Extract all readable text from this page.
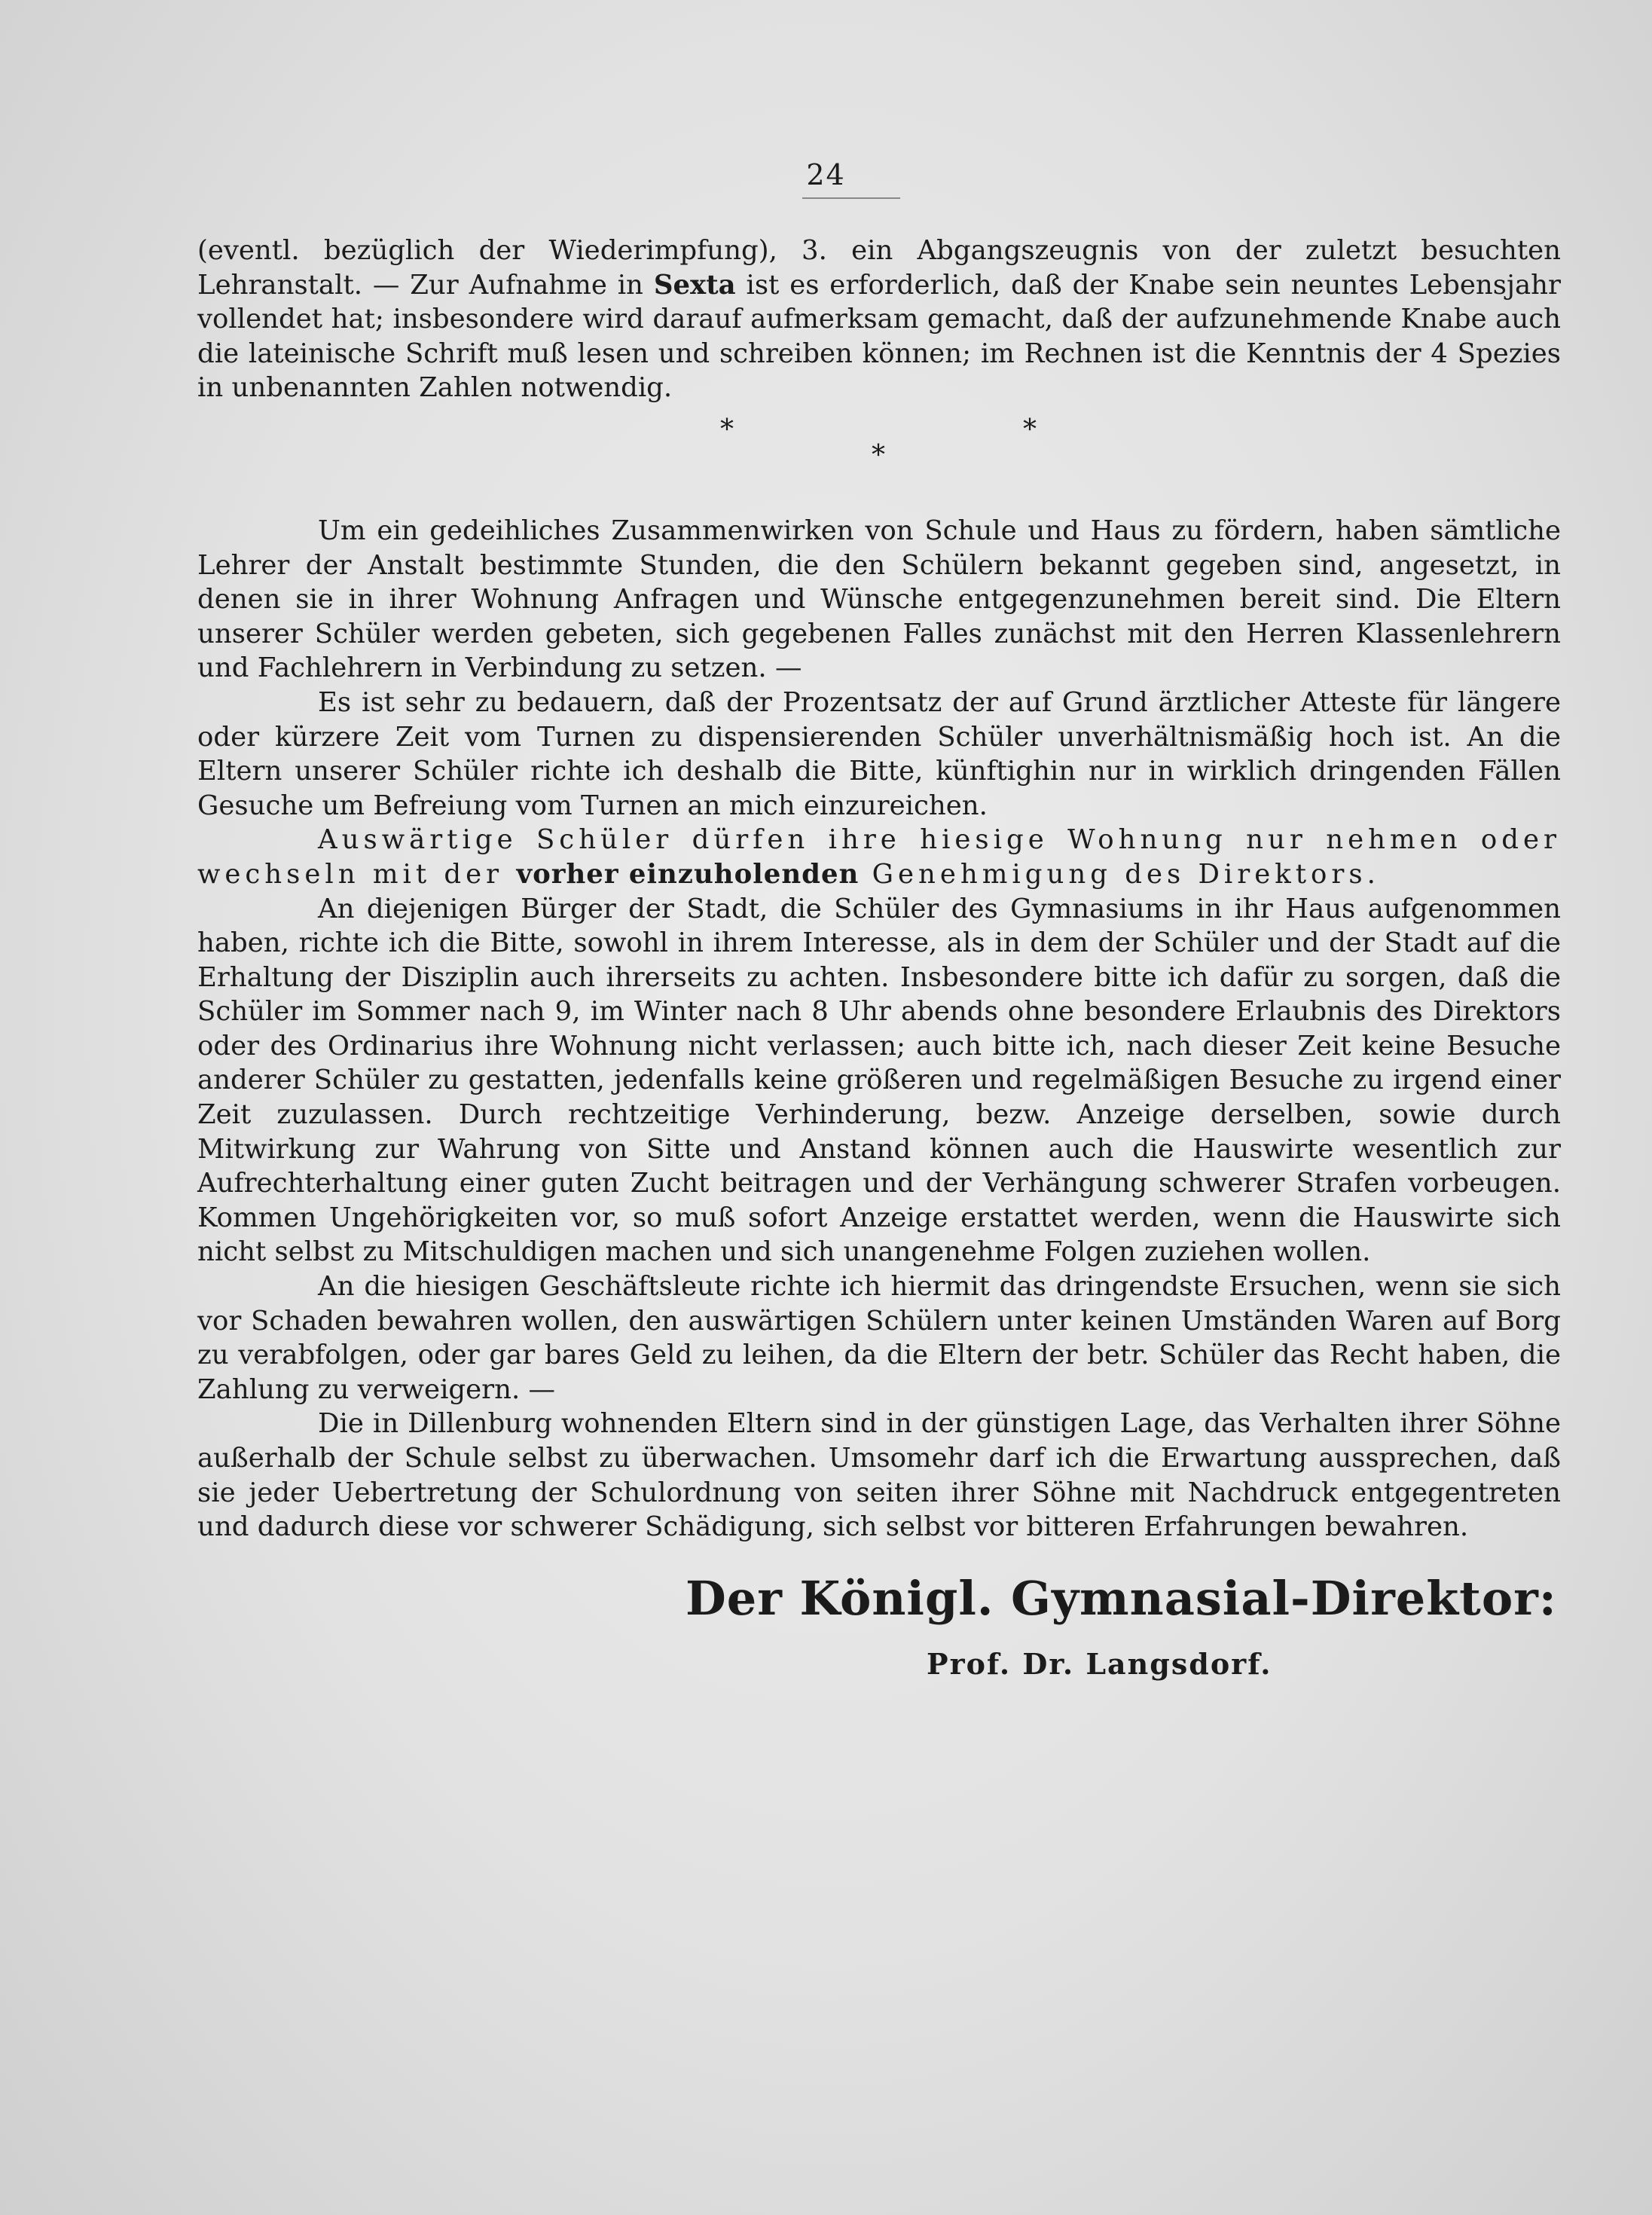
24

(eventl. bezüglich der Wiederimpfung), 3. ein Abgangszeugnis von der zuletzt besuchten Lehranstalt. — Zur Aufnahme in Sexta ist es erforderlich, daß der Knabe sein neuntes Lebensjahr vollendet hat; insbesondere wird darauf aufmerksam gemacht, daß der aufzunehmende Knabe auch die lateinische Schrift muß lesen und schreiben können; im Rechnen ist die Kenntnis der 4 Spezies in unbenannten Zahlen notwendig.

*	*
*

Um ein gedeihliches Zusammenwirken von Schule und Haus zu fördern, haben sämtliche Lehrer der Anstalt bestimmte Stunden, die den Schülern bekannt gegeben sind, angesetzt, in denen sie in ihrer Wohnung Anfragen und Wünsche entgegenzunehmen bereit sind. Die Eltern unserer Schüler werden gebeten, sich gegebenen Falles zunächst mit den Herren Klassenlehrern und Fachlehrern in Verbindung zu setzen. —

Es ist sehr zu bedauern, daß der Prozentsatz der auf Grund ärztlicher Atteste für längere oder kürzere Zeit vom Turnen zu dispensierenden Schüler unverhältnismäßig hoch ist. An die Eltern unserer Schüler richte ich deshalb die Bitte, künftighin nur in wirklich dringenden Fällen Gesuche um Befreiung vom Turnen an mich einzureichen.

Auswärtige Schüler dürfen ihre hiesige Wohnung nur nehmen oder wechseln mit der vorher einzuholenden Genehmigung des Direktors.

An diejenigen Bürger der Stadt, die Schüler des Gymnasiums in ihr Haus aufgenommen haben, richte ich die Bitte, sowohl in ihrem Interesse, als in dem der Schüler und der Stadt auf die Erhaltung der Disziplin auch ihrerseits zu achten. Insbesondere bitte ich dafür zu sorgen, daß die Schüler im Sommer nach 9, im Winter nach 8 Uhr abends ohne besondere Erlaubnis des Direktors oder des Ordinarius ihre Wohnung nicht verlassen; auch bitte ich, nach dieser Zeit keine Besuche anderer Schüler zu gestatten, jedenfalls keine größeren und regelmäßigen Besuche zu irgend einer Zeit zuzulassen. Durch rechtzeitige Verhinderung, bezw. Anzeige derselben, sowie durch Mitwirkung zur Wahrung von Sitte und Anstand können auch die Hauswirte wesentlich zur Aufrechterhaltung einer guten Zucht beitragen und der Verhängung schwerer Strafen vorbeugen. Kommen Ungehörigkeiten vor, so muß sofort Anzeige erstattet werden, wenn die Hauswirte sich nicht selbst zu Mitschuldigen machen und sich unangenehme Folgen zuziehen wollen.

An die hiesigen Geschäftsleute richte ich hiermit das dringendste Ersuchen, wenn sie sich vor Schaden bewahren wollen, den auswärtigen Schülern unter keinen Umständen Waren auf Borg zu verabfolgen, oder gar bares Geld zu leihen, da die Eltern der betr. Schüler das Recht haben, die Zahlung zu verweigern. —

Die in Dillenburg wohnenden Eltern sind in der günstigen Lage, das Verhalten ihrer Söhne außerhalb der Schule selbst zu überwachen. Umsomehr darf ich die Erwartung aussprechen, daß sie jeder Uebertretung der Schulordnung von seiten ihrer Söhne mit Nachdruck entgegentreten und dadurch diese vor schwerer Schädigung, sich selbst vor bitteren Erfahrungen bewahren.

Der Königl. Gymnasial-Direktor:
Prof. Dr. Langsdorf.
